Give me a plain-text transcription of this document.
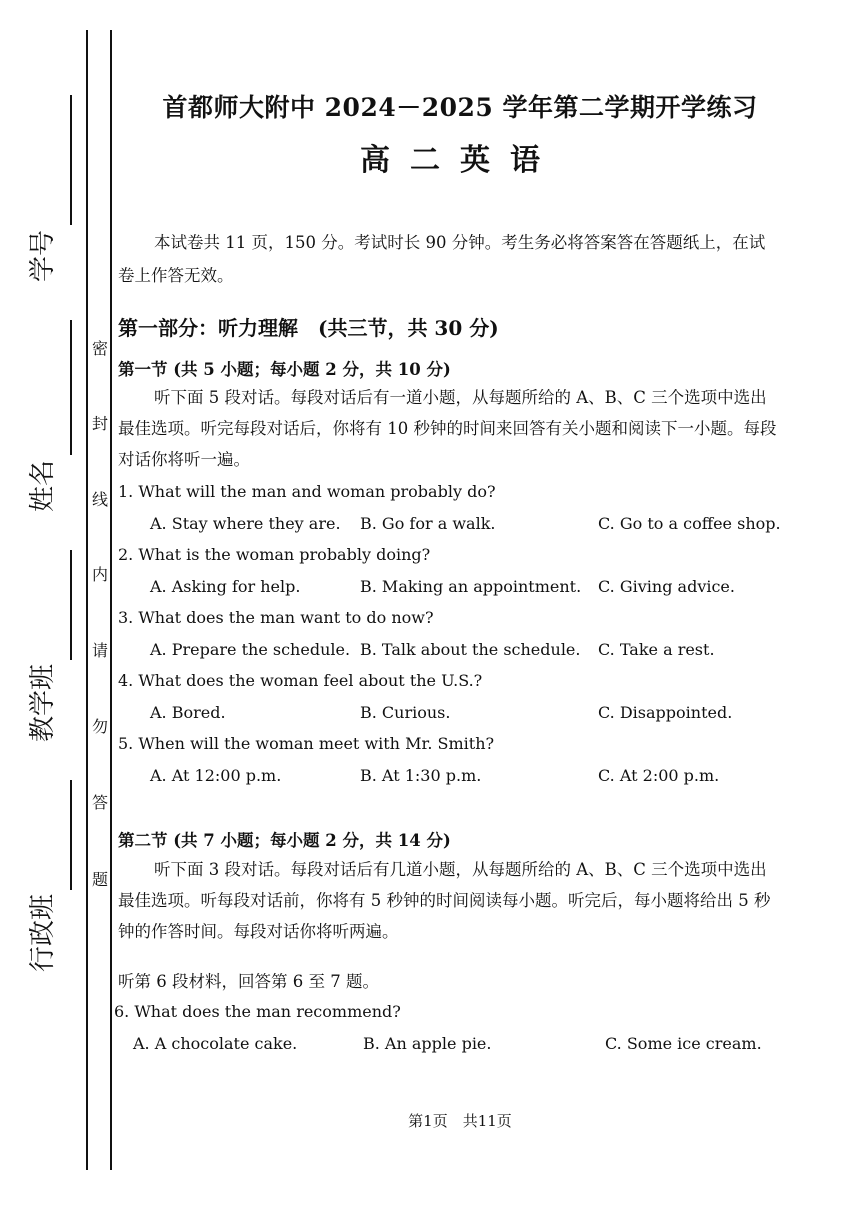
学号
姓名
教学班
行政班
密
封
线
内
请
勿
答
题
首都师大附中 2024－2025 学年第二学期开学练习
高二英语
本试卷共 11 页，150 分。考试时长 90 分钟。考生务必将答案答在答题纸上，在试卷上作答无效。
第一部分：听力理解　(共三节，共 30 分)
第一节 (共 5 小题；每小题 2 分，共 10 分)
听下面 5 段对话。每段对话后有一道小题，从每题所给的 A、B、C 三个选项中选出最佳选项。听完每段对话后，你将有 10 秒钟的时间来回答有关小题和阅读下一小题。每段对话你将听一遍。
1. What will the man and woman probably do?
A. Stay where they are. B. Go for a walk.	C. Go to a coffee shop.
2. What is the woman probably doing?
A. Asking for help.	B. Making an appointment. C. Giving advice.
3. What does the man want to do now?
A. Prepare the schedule. B. Talk about the schedule. C. Take a rest.
4. What does the woman feel about the U.S.?
A. Bored.	B. Curious.	C. Disappointed.
5. When will the woman meet with Mr. Smith?
A. At 12:00 p.m.	B. At 1:30 p.m.	C. At 2:00 p.m.
第二节 (共 7 小题；每小题 2 分，共 14 分)
听下面 3 段对话。每段对话后有几道小题，从每题所给的 A、B、C 三个选项中选出最佳选项。听每段对话前，你将有 5 秒钟的时间阅读每小题。听完后，每小题将给出 5 秒钟的作答时间。每段对话你将听两遍。
听第 6 段材料，回答第 6 至 7 题。
6. What does the man recommend?
A. A chocolate cake.	B. An apple pie.	C. Some ice cream.
第1页　共11页
